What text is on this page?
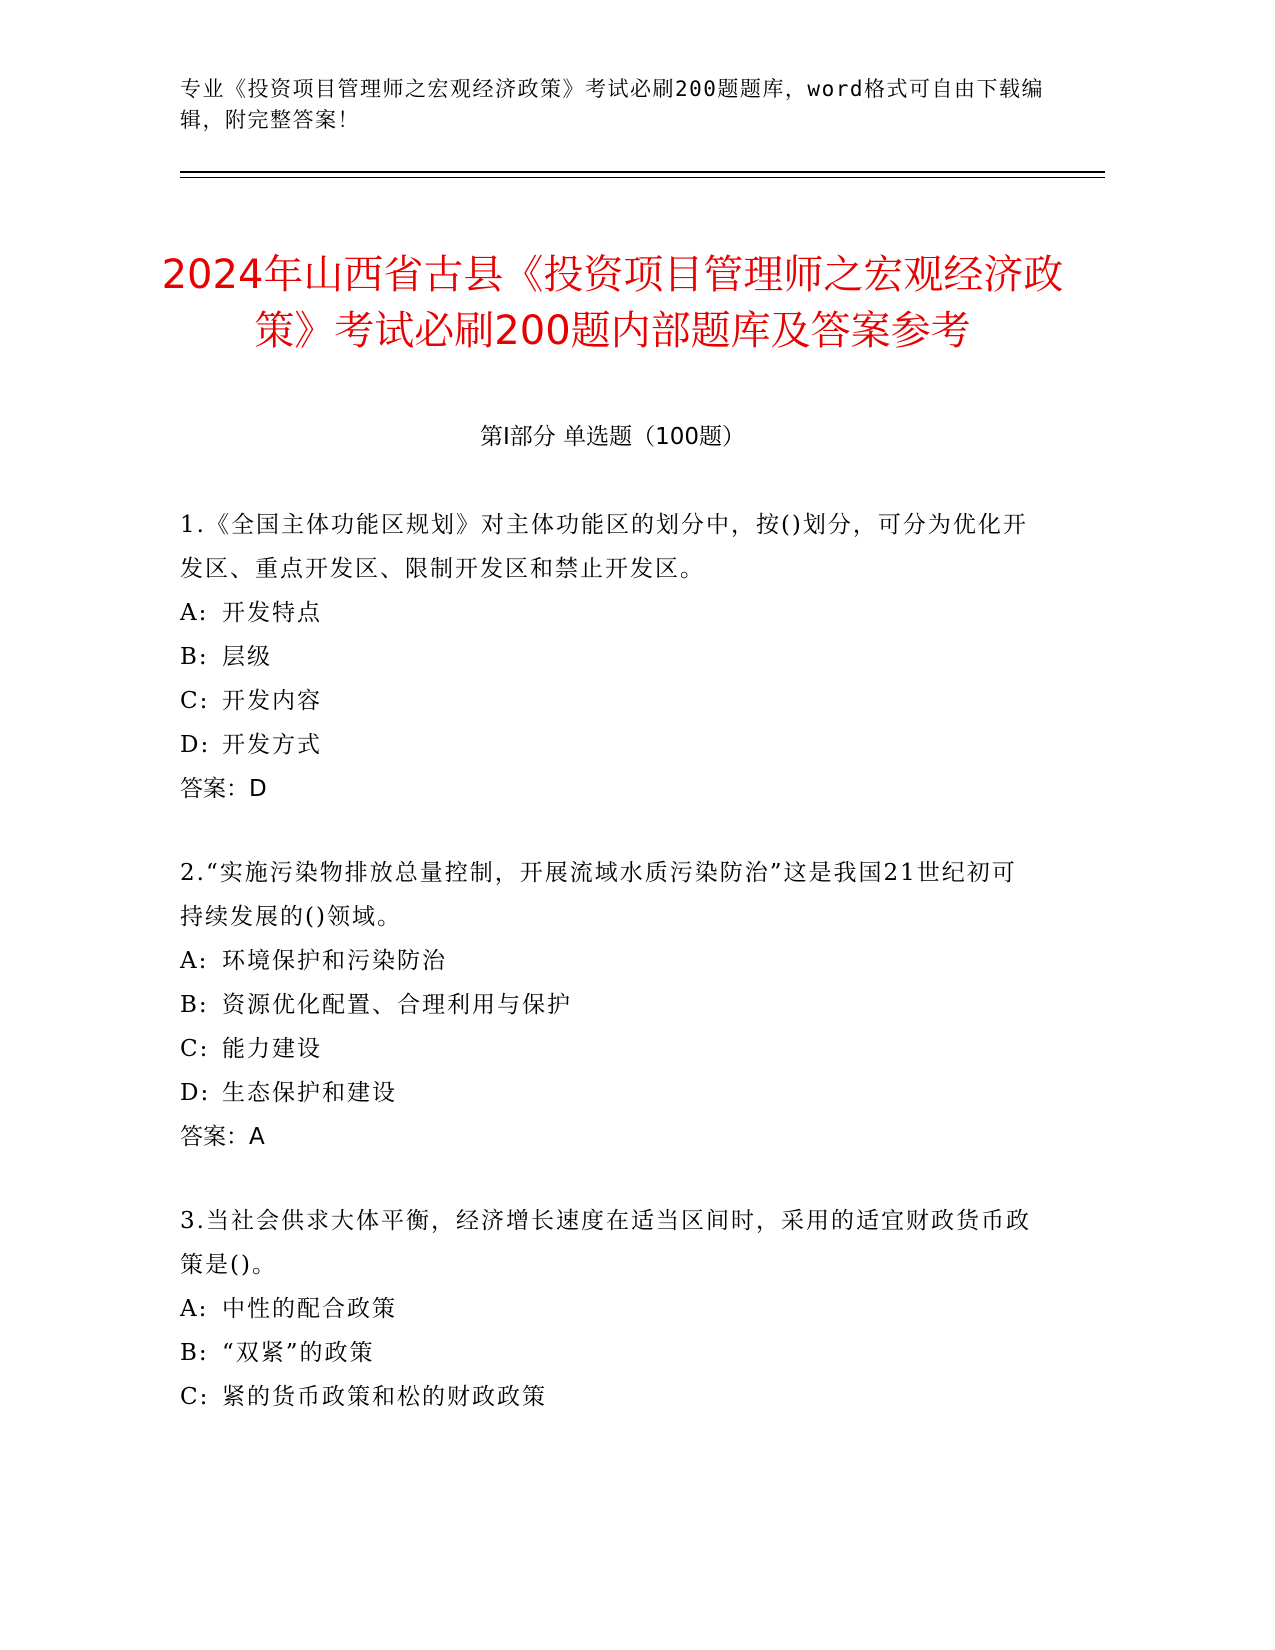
专业《投资项目管理师之宏观经济政策》考试必刷200题题库，word格式可自由下载编辑，附完整答案！
2024年山西省古县《投资项目管理师之宏观经济政策》考试必刷200题内部题库及答案参考
第Ⅰ部分 单选题（100题）
1.《全国主体功能区规划》对主体功能区的划分中，按()划分，可分为优化开发区、重点开发区、限制开发区和禁止开发区。
A: 开发特点
B: 层级
C: 开发内容
D: 开发方式
答案：D
2.“实施污染物排放总量控制，开展流域水质污染防治”这是我国21世纪初可持续发展的()领域。
A: 环境保护和污染防治
B: 资源优化配置、合理利用与保护
C: 能力建设
D: 生态保护和建设
答案：A
3.当社会供求大体平衡，经济增长速度在适当区间时，采用的适宜财政货币政策是()。
A: 中性的配合政策
B: “双紧”的政策
C: 紧的货币政策和松的财政政策
